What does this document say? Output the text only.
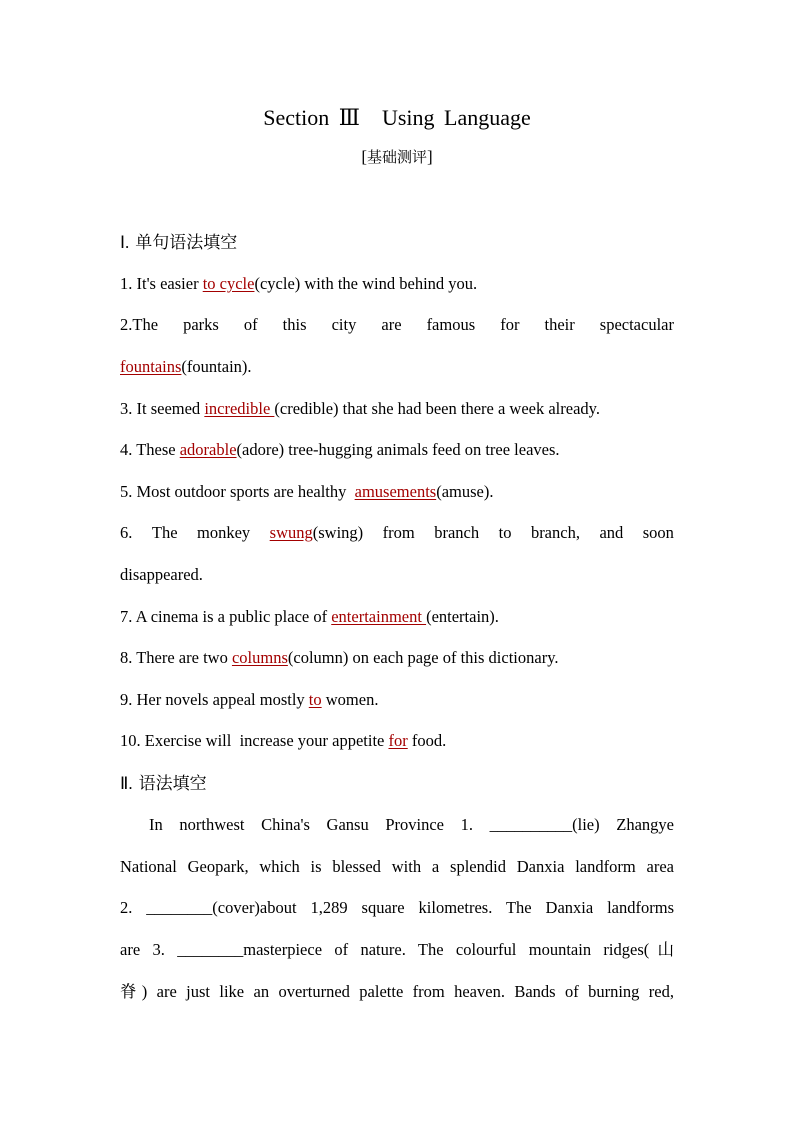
Section Ⅲ　Using Language
[基础测评]
Ⅰ. 单句语法填空
1. It's easier to cycle(cycle) with the wind behind you.
2.The parks of this city are famous for their spectacular
fountains(fountain).
3. It seemed incredible (credible) that she had been there a week already.
4. These adorable(adore) tree-hugging animals feed on tree leaves.
5. Most outdoor sports are healthy  amusements(amuse).
6. The monkey swung(swing) from branch to branch, and soon
disappeared.
7. A cinema is a public place of entertainment (entertain).
8. There are two columns(column) on each page of this dictionary.
9. Her novels appeal mostly to women.
10. Exercise will  increase your appetite for food.
Ⅱ. 语法填空
　In northwest China's Gansu Province 1. __________(lie) Zhangye
National Geopark, which is blessed with a splendid Danxia landform area
2. ________(cover)about 1,289 square kilometres. The Danxia landforms
are 3. ________masterpiece of nature. The colourful mountain ridges(山
脊) are just like an overturned palette from heaven. Bands of burning red,
